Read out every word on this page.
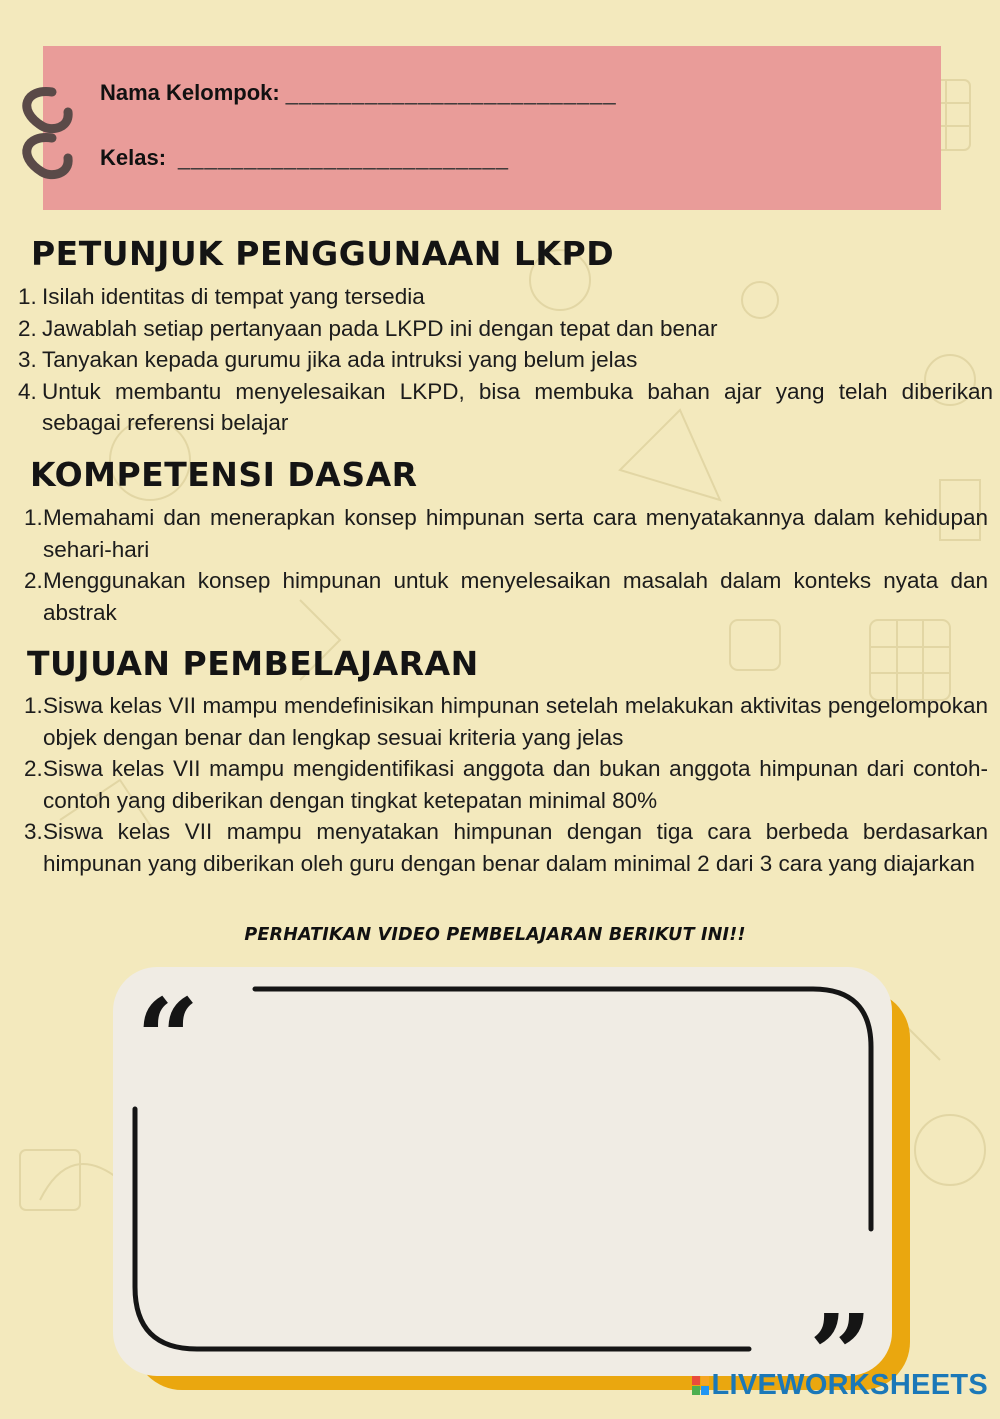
Nama Kelompok: _________________________
Kelas: _________________________
PETUNJUK PENGGUNAAN LKPD
1. Isilah identitas di tempat yang tersedia
2. Jawablah setiap pertanyaan pada LKPD ini dengan tepat dan benar
3. Tanyakan kepada gurumu jika ada intruksi yang belum jelas
4. Untuk membantu menyelesaikan LKPD, bisa membuka bahan ajar yang telah diberikan sebagai referensi belajar
KOMPETENSI DASAR
1. Memahami dan menerapkan konsep himpunan serta cara menyatakannya dalam kehidupan sehari-hari
2. Menggunakan konsep himpunan untuk menyelesaikan masalah dalam konteks nyata dan abstrak
TUJUAN PEMBELAJARAN
1. Siswa kelas VII mampu mendefinisikan himpunan setelah melakukan aktivitas pengelompokan objek dengan benar dan lengkap sesuai kriteria yang jelas
2. Siswa kelas VII mampu mengidentifikasi anggota dan bukan anggota himpunan dari contoh-contoh yang diberikan dengan tingkat ketepatan minimal 80%
3. Siswa kelas VII mampu menyatakan himpunan dengan tiga cara berbeda berdasarkan himpunan yang diberikan oleh guru dengan benar dalam minimal 2 dari 3 cara yang diajarkan
PERHATIKAN VIDEO PEMBELAJARAN BERIKUT INI!!
“
”
LIVEWORKSHEETS
